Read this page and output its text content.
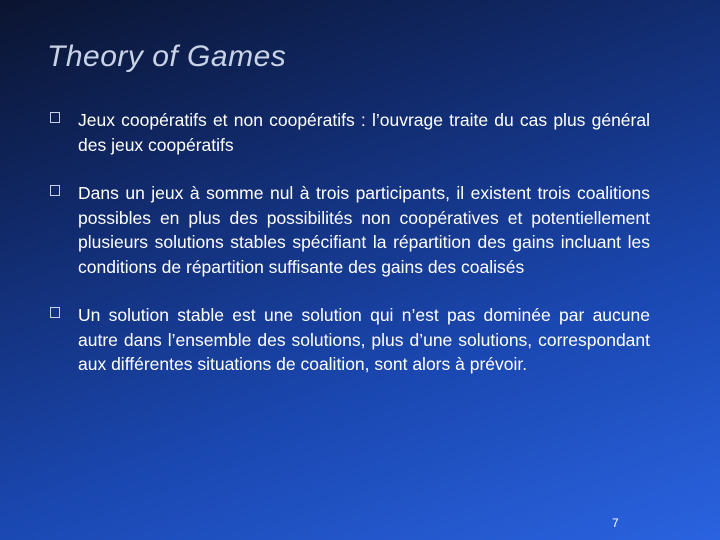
Theory of Games
Jeux coopératifs et non coopératifs : l’ouvrage traite du cas plus général des jeux coopératifs
Dans un jeux à somme nul à trois participants, il existent trois coalitions possibles en plus des possibilités non coopératives et potentiellement plusieurs solutions stables spécifiant la répartition des gains incluant les conditions de répartition suffisante des gains des coalisés
Un solution stable est une solution qui n’est pas dominée par aucune autre dans l’ensemble des solutions, plus d’une solutions, correspondant aux différentes situations de coalition, sont alors à prévoir.
7
